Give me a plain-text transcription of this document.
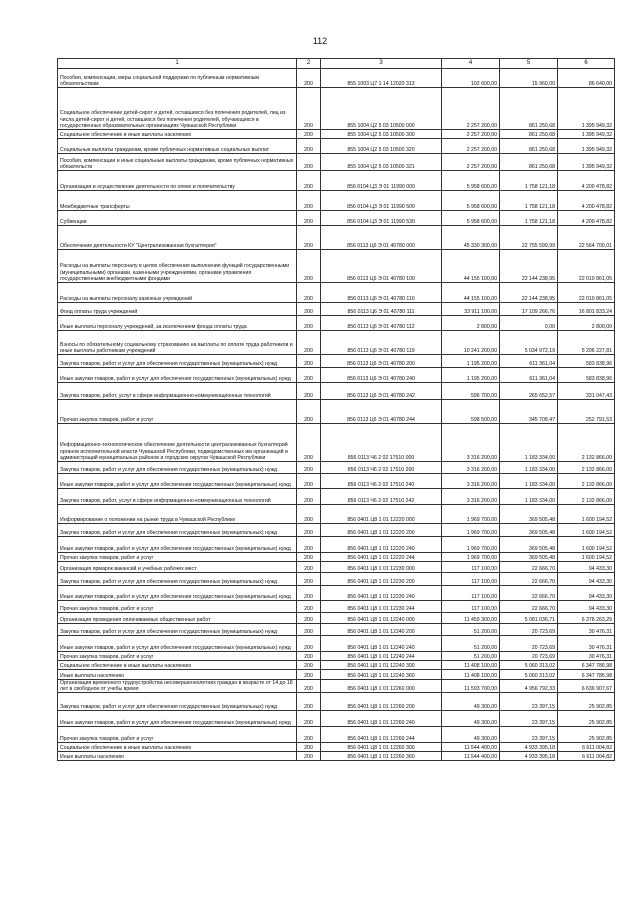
112
1	2	3	4	5	6
Пособия, компенсации, меры социальной поддержки по публичным нормативным обязательствам	200	855 1003 Ц7 1 14 12020 313	102 600,00	15 960,00	86 640,00
Социальное обеспечение детей-сирот и детей, оставшихся без попечения родителей, лиц из числа детей-сирот и детей, оставшихся без попечения родителей, обучающихся в государственных образовательных организациях Чувашской Республики	200	855 1004 Ц2 5 03 10500 000	2 257 200,00	861 250,68	1 395 949,32
Социальное обеспечение и иные выплаты населению	200	855 1004 Ц2 5 03 10500 300	2 257 200,00	861 250,68	1 395 949,32
Социальные выплаты гражданам, кроме публичных нормативных социальных выплат	200	855 1004 Ц2 5 03 10500 320	2 257 200,00	861 250,68	1 395 949,32
Пособия, компенсации и иные социальные выплаты гражданам, кроме публичных нормативных обязательств	200	855 1004 Ц2 5 03 10500 321	2 257 200,00	861 250,68	1 395 949,32
Организация и осуществление деятельности по опеке и попечительству	200	856 0104 Ц3 Э 01 11990 000	5 958 600,00	1 758 121,18	4 200 478,82
Межбюджетные трансферты	200	856 0104 Ц3 Э 01 11990 500	5 958 600,00	1 758 121,18	4 200 478,82
Субвенции	200	856 0104 Ц3 Э 01 11990 530	5 958 600,00	1 758 121,18	4 200 478,82
Обеспечение деятельности КУ "Централизованная бухгалтерия"	200	856 0113 Ц6 Э 01 40780 000	45 330 300,00	22 755 599,99	22 564 700,01
Расходы на выплаты персоналу в целях обеспечения выполнения функций государственными (муниципальными) органами, казенными учреждениями, органами управления государственными внебюджетными фондами	200	856 0113 Ц6 Э 01 40780 100	44 155 100,00	22 144 238,95	22 010 861,05
Расходы на выплаты персоналу казенных учреждений	200	856 0113 Ц6 Э 01 40780 110	44 155 100,00	22 144 238,95	22 010 861,05
Фонд оплаты труда учреждений	200	856 0113 Ц6 Э 01 40780 111	33 911 100,00	17 109 266,76	16 801 833,24
Иные выплаты персоналу учреждений, за исключением фонда оплаты труда	200	856 0113 Ц6 Э 01 40780 112	2 800,00	0,00	2 800,00
Взносы по обязательному социальному страхованию на выплаты по оплате труда работников и иные выплаты работникам учреждений	200	856 0113 Ц6 Э 01 40780 119	10 241 200,00	5 034 972,19	5 206 227,81
Закупка товаров, работ и услуг для обеспечения государственных (муниципальных) нужд	200	856 0113 Ц6 Э 01 40780 200	1 195 200,00	611 361,04	583 838,96
Иные закупки товаров, работ и услуг для обеспечения государственных (муниципальных) нужд	200	856 0113 Ц6 Э 01 40780 240	1 195 200,00	611 361,04	583 838,96
Закупка товаров, работ, услуг в сфере информационно-коммуникационных технологий	200	856 0113 Ц6 Э 01 40780 242	596 700,00	265 652,57	331 047,43
Прочая закупка товаров, работ и услуг	200	856 0113 Ц6 Э 01 40780 244	598 500,00	345 708,47	252 791,53
Информационно-технологическое обеспечение деятельности централизованных бухгалтерий органов исполнительной власти Чувашской Республики, подведомственных им организаций и администраций муниципальных районов и городских округов Чувашской Республики	200	856 0113 Ч6 2 02 17510 000	3 316 200,00	1 183 334,00	2 132 866,00
Закупка товаров, работ и услуг для обеспечения государственных (муниципальных) нужд	200	856 0113 Ч6 2 02 17510 200	3 316 200,00	1 183 334,00	2 132 866,00
Иные закупки товаров, работ и услуг для обеспечения государственных (муниципальных) нужд	200	856 0113 Ч6 2 02 17510 240	3 316 200,00	1 183 334,00	2 132 866,00
Закупка товаров, работ, услуг в сфере информационно-коммуникационных технологий	200	856 0113 Ч6 2 02 17510 242	3 316 200,00	1 183 334,00	2 132 866,00
Информирование о положении на рынке труда в Чувашской Республике	200	856 0401 Ц8 1 01 12220 000	1 969 700,00	369 505,48	1 600 194,52
Закупка товаров, работ и услуг для обеспечения государственных (муниципальных) нужд	200	856 0401 Ц8 1 01 12220 200	1 969 700,00	369 505,48	1 600 194,52
Иные закупки товаров, работ и услуг для обеспечения государственных (муниципальных) нужд	200	856 0401 Ц8 1 01 12220 240	1 969 700,00	369 505,48	1 600 194,52
Прочая закупка товаров, работ и услуг	200	856 0401 Ц8 1 01 12220 244	1 969 700,00	369 505,48	1 600 194,52
Организация ярмарок вакансий и учебных рабочих мест	200	856 0401 Ц8 1 01 12230 000	117 100,00	22 666,70	94 433,30
Закупка товаров, работ и услуг для обеспечения государственных (муниципальных) нужд	200	856 0401 Ц8 1 01 12230 200	117 100,00	22 666,70	94 433,30
Иные закупки товаров, работ и услуг для обеспечения государственных (муниципальных) нужд	200	856 0401 Ц8 1 01 12230 240	117 100,00	22 666,70	94 433,30
Прочая закупка товаров, работ и услуг	200	856 0401 Ц8 1 01 12230 244	117 100,00	22 666,70	94 433,30
Организация проведения оплачиваемых общественных работ	200	856 0401 Ц8 1 01 12240 000	11 459 300,00	5 081 036,71	6 378 263,29
Закупка товаров, работ и услуг для обеспечения государственных (муниципальных) нужд	200	856 0401 Ц8 1 01 12240 200	51 200,00	20 723,69	30 476,31
Иные закупки товаров, работ и услуг для обеспечения государственных (муниципальных) нужд	200	856 0401 Ц8 1 01 12240 240	51 200,00	20 723,69	30 476,31
Прочая закупка товаров, работ и услуг	200	856 0401 Ц8 1 01 12240 244	51 200,00	20 723,69	30 476,31
Социальное обеспечение и иные выплаты населению	200	856 0401 Ц8 1 01 12240 300	11 408 100,00	5 060 313,02	6 347 786,98
Иные выплаты населению	200	856 0401 Ц8 1 01 12240 360	11 408 100,00	5 060 313,02	6 347 786,98
Организация временного трудоустройства несовершеннолетних граждан в возрасте от 14 до 18 лет в свободное от учебы время	200	856 0401 Ц8 1 01 12260 000	11 593 700,00	4 956 792,33	6 636 907,67
Закупка товаров, работ и услуг для обеспечения государственных (муниципальных) нужд	200	856 0401 Ц8 1 01 12260 200	49 300,00	23 397,15	25 902,85
Иные закупки товаров, работ и услуг для обеспечения государственных (муниципальных) нужд	200	856 0401 Ц8 1 01 12260 240	49 300,00	23 397,15	25 902,85
Прочая закупка товаров, работ и услуг	200	856 0401 Ц8 1 01 12260 244	49 300,00	23 397,15	25 902,85
Социальное обеспечение и иные выплаты населению	200	856 0401 Ц8 1 01 12260 300	11 544 400,00	4 933 395,18	6 611 004,82
Иные выплаты населению	200	856 0401 Ц8 1 01 12260 360	11 544 400,00	4 933 395,18	6 611 004,82
